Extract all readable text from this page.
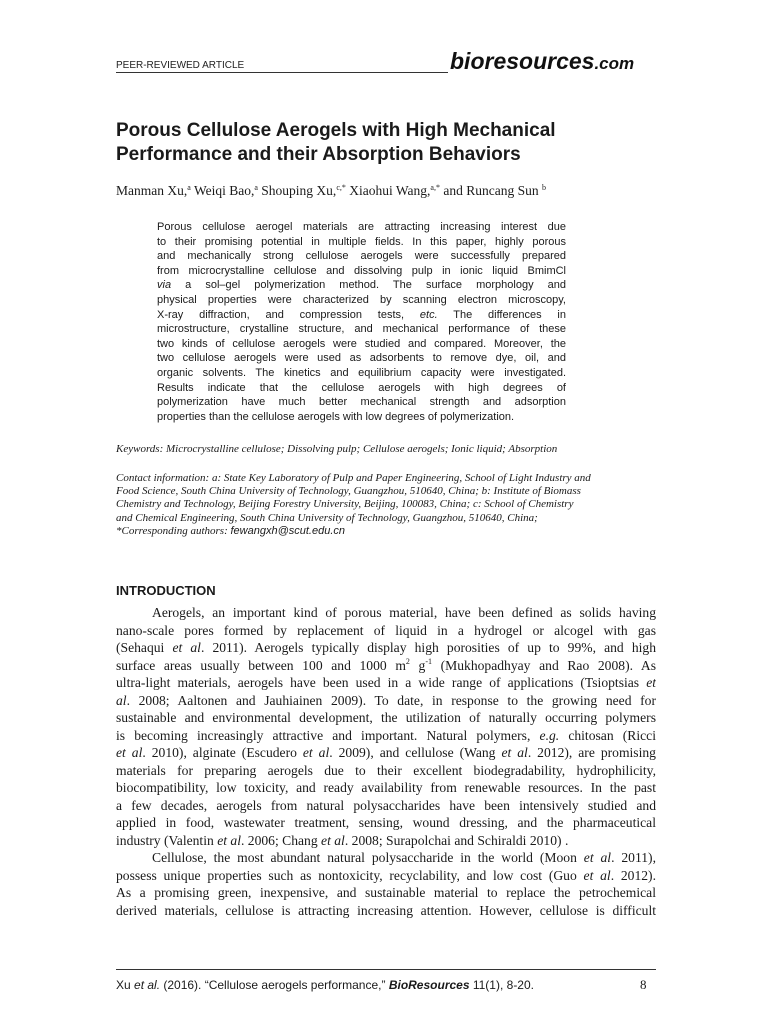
PEER-REVIEWED ARTICLE	bioresources.com
Porous Cellulose Aerogels with High Mechanical
Performance and their Absorption Behaviors
Manman Xu,$^a$ Weiqi Bao,$^a$ Shouping Xu,$^{c,*}$ Xiaohui Wang,$^{a,*}$ and Runcang Sun $^b$
Porous cellulose aerogel materials are attracting increasing interest due
to their promising potential in multiple fields. In this paper, highly porous
and mechanically strong cellulose aerogels were successfully prepared
from microcrystalline cellulose and dissolving pulp in ionic liquid BmimCl
via a sol–gel polymerization method. The surface morphology and
physical properties were characterized by scanning electron microscopy,
X-ray diffraction, and compression tests, etc. The differences in
microstructure, crystalline structure, and mechanical performance of these
two kinds of cellulose aerogels were studied and compared. Moreover, the
two cellulose aerogels were used as adsorbents to remove dye, oil, and
organic solvents. The kinetics and equilibrium capacity were investigated.
Results indicate that the cellulose aerogels with high degrees of
polymerization have much better mechanical strength and adsorption
properties than the cellulose aerogels with low degrees of polymerization.
Keywords: Microcrystalline cellulose; Dissolving pulp; Cellulose aerogels; Ionic liquid; Absorption
Contact information: a: State Key Laboratory of Pulp and Paper Engineering, School of Light Industry and
Food Science, South China University of Technology, Guangzhou, 510640, China; b: Institute of Biomass
Chemistry and Technology, Beijing Forestry University, Beijing, 100083, China; c: School of Chemistry
and Chemical Engineering, South China University of Technology, Guangzhou, 510640, China;
*Corresponding authors: fewangxh@scut.edu.cn
INTRODUCTION
Aerogels, an important kind of porous material, have been defined as solids having
nano-scale pores formed by replacement of liquid in a hydrogel or alcogel with gas
(Sehaqui et al. 2011). Aerogels typically display high porosities of up to 99%, and high
surface areas usually between 100 and 1000 $m^2$ $g^{-1}$ (Mukhopadhyay and Rao 2008). As
ultra-light materials, aerogels have been used in a wide range of applications (Tsioptsias et
al. 2008; Aaltonen and Jauhiainen 2009). To date, in response to the growing need for
sustainable and environmental development, the utilization of naturally occurring polymers
is becoming increasingly attractive and important. Natural polymers, e.g. chitosan (Ricci
et al. 2010), alginate (Escudero et al. 2009), and cellulose (Wang et al. 2012), are promising
materials for preparing aerogels due to their excellent biodegradability, hydrophilicity,
biocompatibility, low toxicity, and ready availability from renewable resources. In the past
a few decades, aerogels from natural polysaccharides have been intensively studied and
applied in food, wastewater treatment, sensing, wound dressing, and the pharmaceutical
industry (Valentin et al. 2006; Chang et al. 2008; Surapolchai and Schiraldi 2010) .
Cellulose, the most abundant natural polysaccharide in the world (Moon et al. 2011),
possess unique properties such as nontoxicity, recyclability, and low cost (Guo et al. 2012).
As a promising green, inexpensive, and sustainable material to replace the petrochemical
derived materials, cellulose is attracting increasing attention. However, cellulose is difficult
Xu et al. (2016). “Cellulose aerogels performance,” BioResources 11(1), 8-20.	8
